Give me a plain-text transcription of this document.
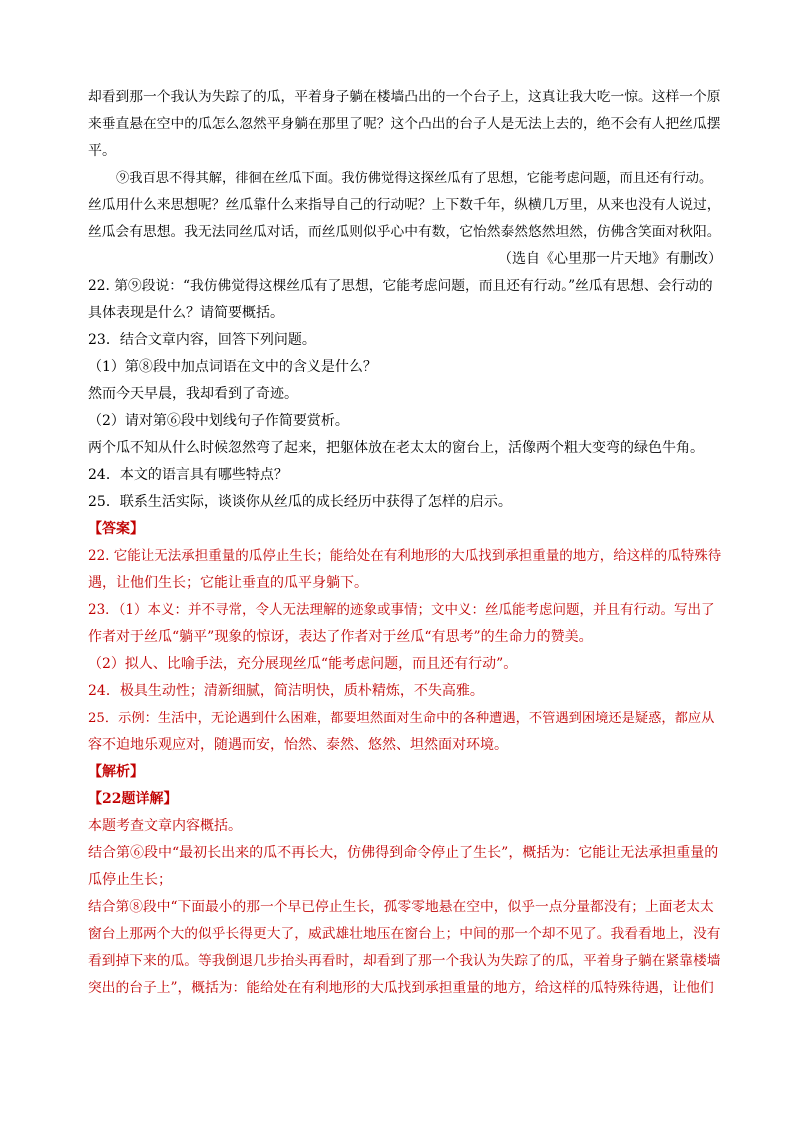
却看到那一个我认为失踪了的瓜，平着身子躺在楼墙凸出的一个台子上，这真让我大吃一惊。这样一个原

来垂直悬在空中的瓜怎么忽然平身躺在那里了呢？这个凸出的台子人是无法上去的，绝不会有人把丝瓜摆

平。

⑨我百思不得其解，徘徊在丝瓜下面。我仿佛觉得这探丝瓜有了思想，它能考虑问题，而且还有行动。

丝瓜用什么来思想呢？丝瓜靠什么来指导自己的行动呢？上下数千年，纵横几万里，从来也没有人说过，

丝瓜会有思想。我无法同丝瓜对话，而丝瓜则似乎心中有数，它怡然泰然悠然坦然，仿佛含笑面对秋阳。

（选自《心里那一片天地》有删改）

22. 第⑨段说：“我仿佛觉得这棵丝瓜有了思想，它能考虑问题，而且还有行动。”丝瓜有思想、会行动的

具体表现是什么？请简要概括。

23．结合文章内容，回答下列问题。

（1）第⑧段中加点词语在文中的含义是什么？

然而今天早晨，我却看到了奇迹。

（2）请对第⑥段中划线句子作简要赏析。

两个瓜不知从什么时候忽然弯了起来，把躯体放在老太太的窗台上，活像两个粗大变弯的绿色牛角。

24．本文的语言具有哪些特点？

25．联系生活实际，谈谈你从丝瓜的成长经历中获得了怎样的启示。

【答案】

22. 它能让无法承担重量的瓜停止生长；能给处在有利地形的大瓜找到承担重量的地方，给这样的瓜特殊待

遇，让他们生长；它能让垂直的瓜平身躺下。

23．（1）本义：并不寻常，令人无法理解的迹象或事情；文中义：丝瓜能考虑问题，并且有行动。写出了

作者对于丝瓜“躺平”现象的惊讶，表达了作者对于丝瓜“有思考”的生命力的赞美。

（2）拟人、比喻手法，充分展现丝瓜“能考虑问题，而且还有行动”。

24．极具生动性；清新细腻，简洁明快，质朴精炼，不失高雅。

25．示例：生活中，无论遇到什么困难，都要坦然面对生命中的各种遭遇，不管遇到困境还是疑惑，都应从

容不迫地乐观应对，随遇而安，怡然、泰然、悠然、坦然面对环境。

【解析】

【22题详解】

本题考查文章内容概括。

结合第⑥段中“最初长出来的瓜不再长大，仿佛得到命令停止了生长”，概括为：它能让无法承担重量的

瓜停止生长；

结合第⑧段中“下面最小的那一个早已停止生长，孤零零地悬在空中，似乎一点分量都没有；上面老太太

窗台上那两个大的似乎长得更大了，威武雄壮地压在窗台上；中间的那一个却不见了。我看看地上，没有

看到掉下来的瓜。等我倒退几步抬头再看时，却看到了那一个我认为失踪了的瓜，平着身子躺在紧靠楼墙

突出的台子上”，概括为：能给处在有利地形的大瓜找到承担重量的地方，给这样的瓜特殊待遇，让他们
